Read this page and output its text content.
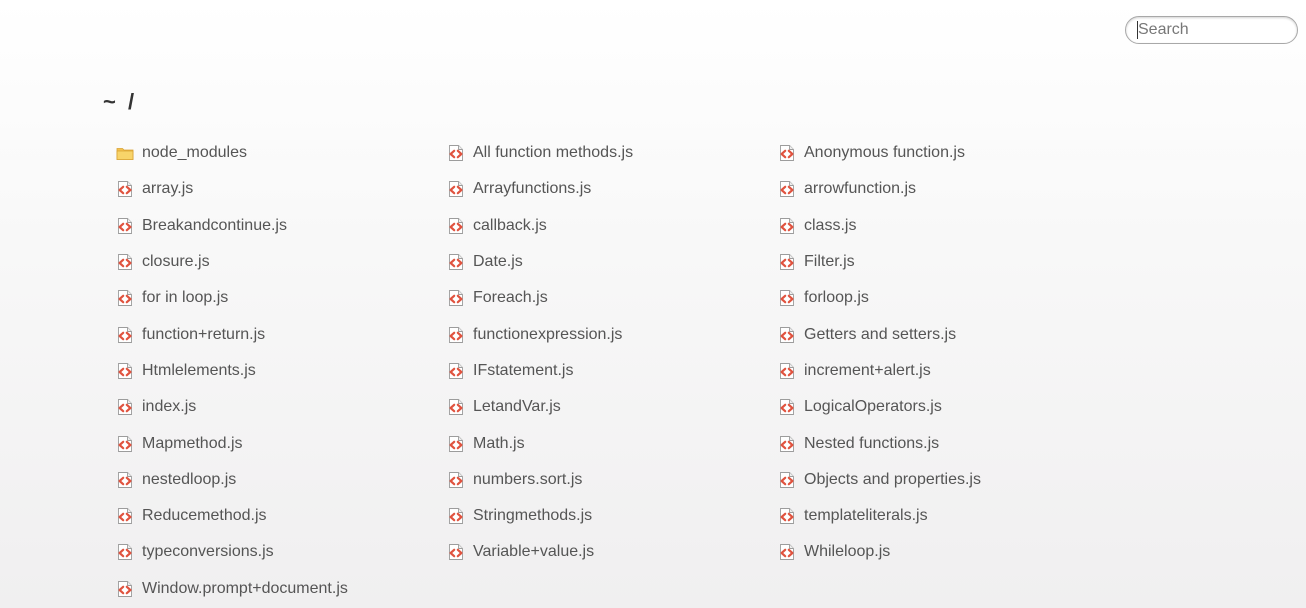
Search
~ /
node_modules	All function methods.js	Anonymous function.js
array.js	Arrayfunctions.js	arrowfunction.js
Breakandcontinue.js	callback.js	class.js
closure.js	Date.js	Filter.js
for in loop.js	Foreach.js	forloop.js
function+return.js	functionexpression.js	Getters and setters.js
Htmlelements.js	IFstatement.js	increment+alert.js
index.js	LetandVar.js	LogicalOperators.js
Mapmethod.js	Math.js	Nested functions.js
nestedloop.js	numbers.sort.js	Objects and properties.js
Reducemethod.js	Stringmethods.js	templateliterals.js
typeconversions.js	Variable+value.js	Whileloop.js
Window.prompt+document.js
